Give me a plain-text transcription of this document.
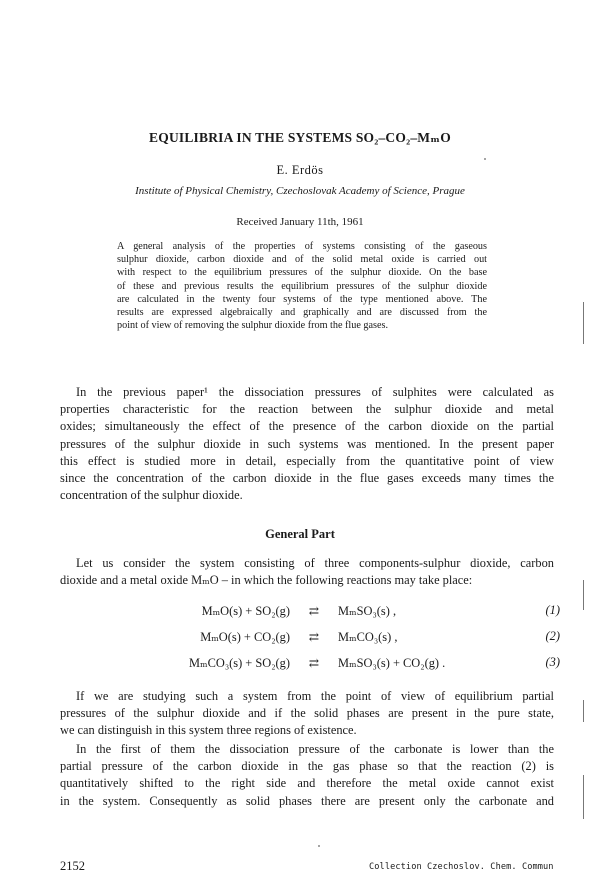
EQUILIBRIA IN THE SYSTEMS SO₂–CO₂–MₘO
E. Erdös
Institute of Physical Chemistry, Czechoslovak Academy of Science, Prague
Received January 11th, 1961
A general analysis of the properties of systems consisting of the gaseous
sulphur dioxide, carbon dioxide and of the solid metal oxide is carried out
with respect to the equilibrium pressures of the sulphur dioxide. On the base
of these and previous results the equilibrium pressures of the sulphur dioxide
are calculated in the twenty four systems of the type mentioned above. The
results are expressed algebraically and graphically and are discussed from the
point of view of removing the sulphur dioxide from the flue gases.
In the previous paper¹ the dissociation pressures of sulphites were calculated as
properties characteristic for the reaction between the sulphur dioxide and metal
oxides; simultaneously the effect of the presence of the carbon dioxide on the partial
pressures of the sulphur dioxide in such systems was mentioned. In the present paper
this effect is studied more in detail, especially from the quantitative point of view
since the concentration of the carbon dioxide in the flue gases exceeds many times the
concentration of the sulphur dioxide.
General Part
Let us consider the system consisting of three components-sulphur dioxide, carbon
dioxide and a metal oxide MₘO – in which the following reactions may take place:
MₘO(s) + SO₂(g)	⇄	MₘSO₃(s) ,	(1)
MₘO(s) + CO₂(g)	⇄	MₘCO₃(s) ,	(2)
MₘCO₃(s) + SO₂(g)	⇄	MₘSO₃(s) + CO₂(g) .	(3)
If we are studying such a system from the point of view of equilibrium partial
pressures of the sulphur dioxide and if the solid phases are present in the pure state,
we can distinguish in this system three regions of existence.
In the first of them the dissociation pressure of the carbonate is lower than the
partial pressure of the carbon dioxide in the gas phase so that the reaction (2) is
quantitatively shifted to the right side and therefore the metal oxide cannot exist
in the system. Consequently as solid phases there are present only the carbonate and
2152	Collection Czechoslov. Chem. Commun
